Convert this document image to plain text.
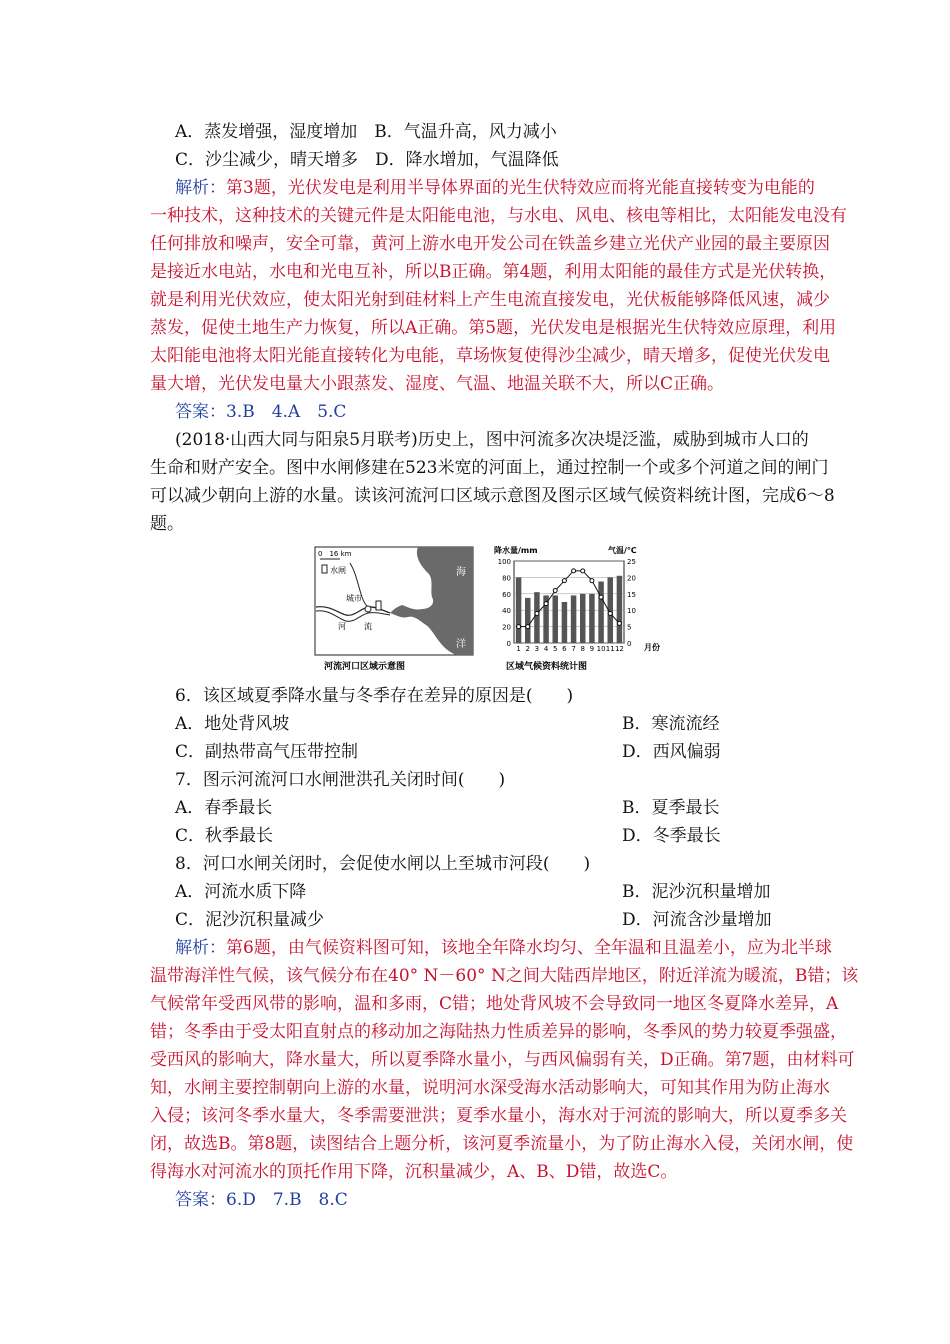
A．蒸发增强，湿度增加　B．气温升高，风力减小
C．沙尘减少，晴天增多　D．降水增加，气温降低
解析：第3题，光伏发电是利用半导体界面的光生伏特效应而将光能直接转变为电能的
一种技术，这种技术的关键元件是太阳能电池，与水电、风电、核电等相比，太阳能发电没有
任何排放和噪声，安全可靠，黄河上游水电开发公司在铁盖乡建立光伏产业园的最主要原因
是接近水电站，水电和光电互补，所以B正确。第4题，利用太阳能的最佳方式是光伏转换，
就是利用光伏效应，使太阳光射到硅材料上产生电流直接发电，光伏板能够降低风速，减少
蒸发，促使土地生产力恢复，所以A正确。第5题，光伏发电是根据光生伏特效应原理，利用
太阳能电池将太阳光能直接转化为电能，草场恢复使得沙尘减少，晴天增多，促使光伏发电
量大增，光伏发电量大小跟蒸发、湿度、气温、地温关联不大，所以C正确。
答案：3.B　4.A　5.C
(2018·山西大同与阳泉5月联考)历史上，图中河流多次决堤泛滥，威胁到城市人口的
生命和财产安全。图中水闸修建在523米宽的河面上，通过控制一个或多个河道之间的闸门
可以减少朝向上游的水量。读该河流河口区域示意图及图示区域气候资料统计图，完成6～8
题。
0　16 km
水闸
城市
河 流
海
洋
河流河口区域示意图
降水量/mm	气温/℃
月份
区域气候资料统计图
0
20
40
60
80
100
0
5
10
15
20
25
1 2 3 4 5 6 7 8 9 10 11 12
6．该区域夏季降水量与冬季存在差异的原因是(　　)
A．地处背风坡	B．寒流流经
C．副热带高气压带控制	D．西风偏弱
7．图示河流河口水闸泄洪孔关闭时间(　　)
A．春季最长	B．夏季最长
C．秋季最长	D．冬季最长
8．河口水闸关闭时，会促使水闸以上至城市河段(　　)
A．河流水质下降	B．泥沙沉积量增加
C．泥沙沉积量减少	D．河流含沙量增加
解析：第6题，由气候资料图可知，该地全年降水均匀、全年温和且温差小，应为北半球
温带海洋性气候，该气候分布在40° N－60° N之间大陆西岸地区，附近洋流为暖流，B错；该
气候常年受西风带的影响，温和多雨，C错；地处背风坡不会导致同一地区冬夏降水差异，A
错；冬季由于受太阳直射点的移动加之海陆热力性质差异的影响，冬季风的势力较夏季强盛，
受西风的影响大，降水量大，所以夏季降水量小，与西风偏弱有关，D正确。第7题，由材料可
知，水闸主要控制朝向上游的水量，说明河水深受海水活动影响大，可知其作用为防止海水
入侵；该河冬季水量大，冬季需要泄洪；夏季水量小，海水对于河流的影响大，所以夏季多关
闭，故选B。第8题，读图结合上题分析，该河夏季流量小，为了防止海水入侵，关闭水闸，使
得海水对河流水的顶托作用下降，沉积量减少，A、B、D错，故选C。
答案：6.D　7.B　8.C
